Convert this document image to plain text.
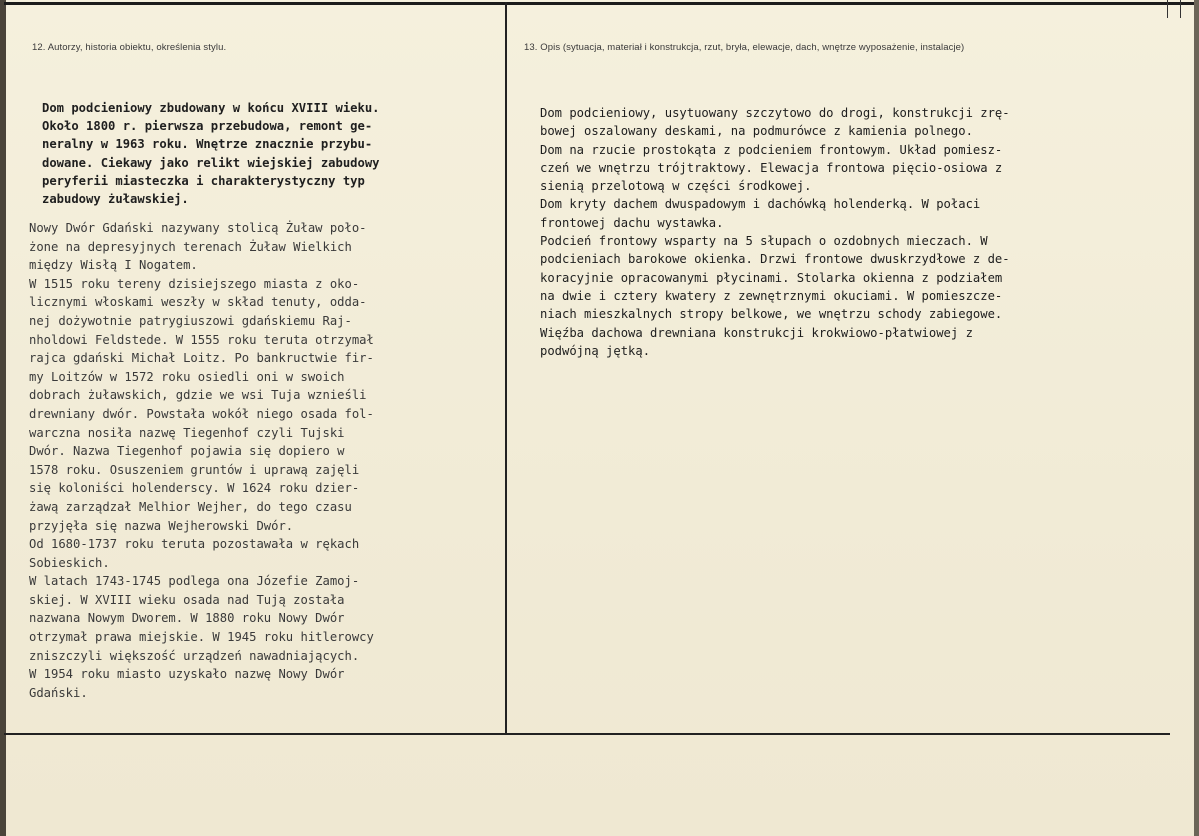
12. Autorzy, historia obiektu, określenia stylu.	13. Opis (sytuacja, materiał i konstrukcja, rzut, bryła, elewacje, dach, wnętrze wyposażenie, instalacje)
Dom podcieniowy zbudowany w końcu XVIII wieku.
Około 1800 r. pierwsza przebudowa, remont ge-
neralny w 1963 roku. Wnętrze znacznie przybu-
dowane. Ciekawy jako relikt wiejskiej zabudowy
peryferii miasteczka i charakterystyczny typ
zabudowy żuławskiej.
Nowy Dwór Gdański nazywany stolicą Żuław poło-
żone na depresyjnych terenach Żuław Wielkich
między Wisłą I Nogatem.
W 1515 roku tereny dzisiejszego miasta z oko-
licznymi włoskami weszły w skład tenuty, odda-
nej dożywotnie patrygiuszowi gdańskiemu Raj-
nholdowi Feldstede. W 1555 roku teruta otrzymał
rajca gdański Michał Loitz. Po bankructwie fir-
my Loitzów w 1572 roku osiedli oni w swoich
dobrach żuławskich, gdzie we wsi Tuja wznieśli
drewniany dwór. Powstała wokół niego osada fol-
warczna nosiła nazwę Tiegenhof czyli Tujski
Dwór. Nazwa Tiegenhof pojawia się dopiero w
1578 roku. Osuszeniem gruntów i uprawą zajęli
się koloniści holenderscy. W 1624 roku dzier-
żawą zarządzał Melhior Wejher, do tego czasu
przyjęła się nazwa Wejherowski Dwór.
Od 1680-1737 roku teruta pozostawała w rękach
Sobieskich.
W latach 1743-1745 podlega ona Józefie Zamoj-
skiej. W XVIII wieku osada nad Tują została
nazwana Nowym Dworem. W 1880 roku Nowy Dwór
otrzymał prawa miejskie. W 1945 roku hitlerowcy
zniszczyli większość urządzeń nawadniających.
W 1954 roku miasto uzyskało nazwę Nowy Dwór
Gdański.
Dom podcieniowy, usytuowany szczytowo do drogi, konstrukcji zrę-
bowej oszalowany deskami, na podmurówce z kamienia polnego.
Dom na rzucie prostokąta z podcieniem frontowym. Układ pomiesz-
czeń we wnętrzu trójtraktowy. Elewacja frontowa pięcio-osiowa z
sienią przelotową w części środkowej.
Dom kryty dachem dwuspadowym i dachówką holenderką. W połaci
frontowej dachu wystawka.
Podcień frontowy wsparty na 5 słupach o ozdobnych mieczach. W
podcieniach barokowe okienka. Drzwi frontowe dwuskrzydłowe z de-
koracyjnie opracowanymi płycinami. Stolarka okienna z podziałem
na dwie i cztery kwatery z zewnętrznymi okuciami. W pomieszcze-
niach mieszkalnych stropy belkowe, we wnętrzu schody zabiegowe.
Więźba dachowa drewniana konstrukcji krokwiowo-płatwiowej z
podwójną jętką.
